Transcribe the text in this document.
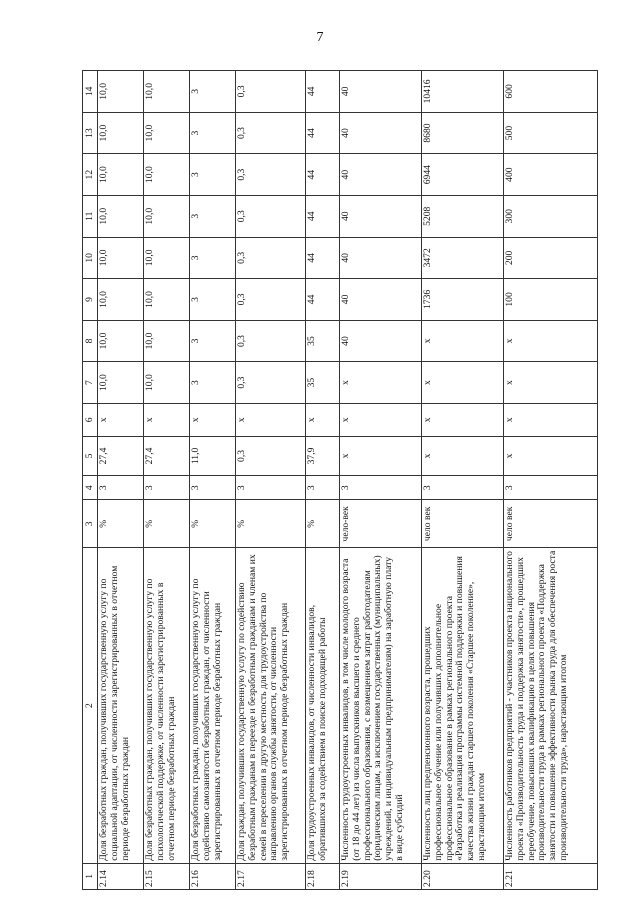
7
1	2	3	4	5	6	7	8	9	10	11	12	13	14
2.14	Доля безработных граждан, получивших государственную услугу по социальной адаптации, от численности зарегистрированных в отчетном периоде безработных граждан	%	3	27,4	х	10,0	10,0	10,0	10,0	10,0	10,0	10,0	10,0
2.15	Доля безработных граждан, получивших государственную услугу по психологической поддержке, от численности зарегистрированных в отчетном периоде безработных граждан	%	3	27,4	х	10,0	10,0	10,0	10,0	10,0	10,0	10,0	10,0
2.16	Доля безработных граждан, получивших государственную услугу по содействию самозанятости безработных граждан, от численности зарегистрированных в отчетном периоде безработных граждан	%	3	11,0	х	3	3	3	3	3	3	3	3
2.17	Доля граждан, получивших государственную услугу по содействию безработным гражданам в переезде и безработным гражданам и членам их семей в переселении в другую местность для трудоустройства по направлению органов службы занятости, от численности зарегистрированных в отчетном периоде безработных граждан	%	3	0,3	х	0,3	0,3	0,3	0,3	0,3	0,3	0,3	0,3
2.18	Доля трудоустроенных инвалидов, от численности инвалидов, обратившихся за содействием в поиске подходящей работы	%	3	37,9	х	35	35	44	44	44	44	44	44
2.19	Численность трудоустроенных инвалидов, в том числе молодого возраста (от 18 до 44 лет) из числа выпускников высшего и среднего профессионального образования, с возмещением затрат работодателям (юридическим лицам, за исключением государственных (муниципальных) учреждений, и индивидуальным предпринимателям) на заработную плату в виде субсидий	чело-век	3	х	х	х	40	40	40	40	40	40	40
2.20	Численность лиц предпенсионного возраста, прошедших профессиональное обучение или получивших дополнительное профессиональное образование в рамках регионального проекта «Разработка и реализация программы системной поддержки и повышения качества жизни граждан старшего поколения «Старшее поколение», нарастающим итогом	чело век	3	х	х	х	х	1736	3472	5208	6944	8680	10416
2.21	Численность работников предприятий - участников проекта национального проекта «Производительность труда и поддержка занятости», прошедших переобучение, повысивших квалификацию в целях повышения производительности труда в рамках регионального проекта «Поддержка занятости и повышение эффективности рынка труда для обеспечения роста производительности труда», нарастающим итогом	чело век	3	х	х	х	х	100	200	300	400	500	600
